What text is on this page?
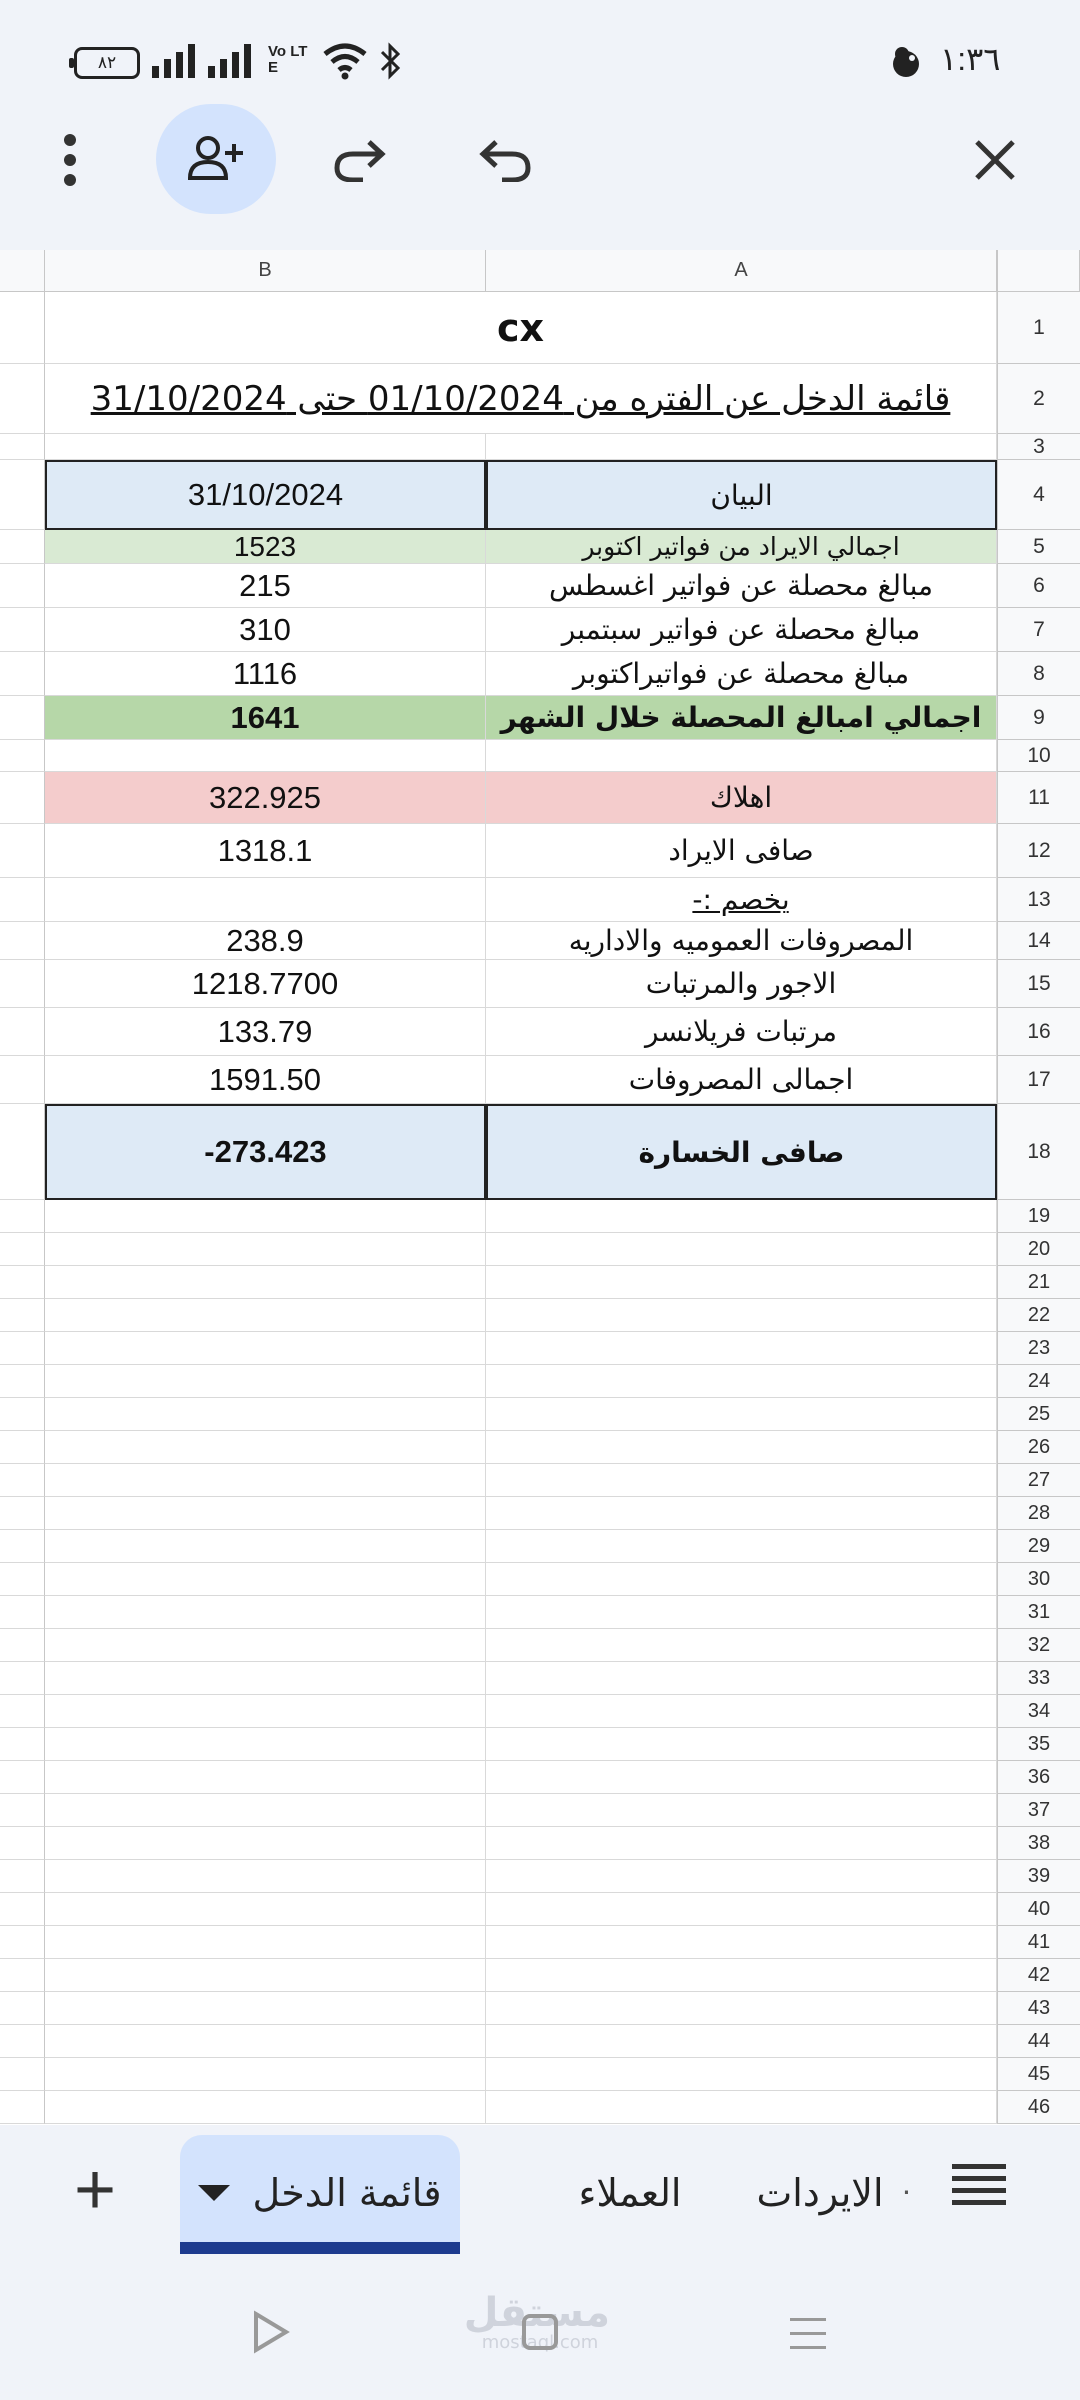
٨٢
Vo LTE	١:٣٦
B	A
1
cx
2
قائمة الدخل عن الفتره من 01/10/2024 حتى 31/10/2024
3
4
31/10/2024	البيان
5
1523	اجمالي الايراد من فواتير اكتوبر
6
215	مبالغ محصلة عن فواتير اغسطس
7
310	مبالغ محصلة عن فواتير سبتمبر
8
1116	مبالغ محصلة عن فواتيراكتوبر
9
1641	اجمالي امبالغ المحصلة خلال الشهر
10
11
322.925	اهلاك
12
1318.1	صافى الايراد
13
يخصم :-
14
238.9	المصروفات العموميه والاداريه
15
1218.7700	الاجور والمرتبات
16
133.79	مرتبات فريلانسر
17
1591.50	اجمالى المصروفات
18
-273.423	صافى الخسارة
19
20
21
22
23
24
25
26
27
28
29
30
31
32
33
34
35
36
37
38
39
40
41
42
43
44
45
46
+	قائمة الدخل	العملاء	الايردات .
مستقل
mostaql.com
